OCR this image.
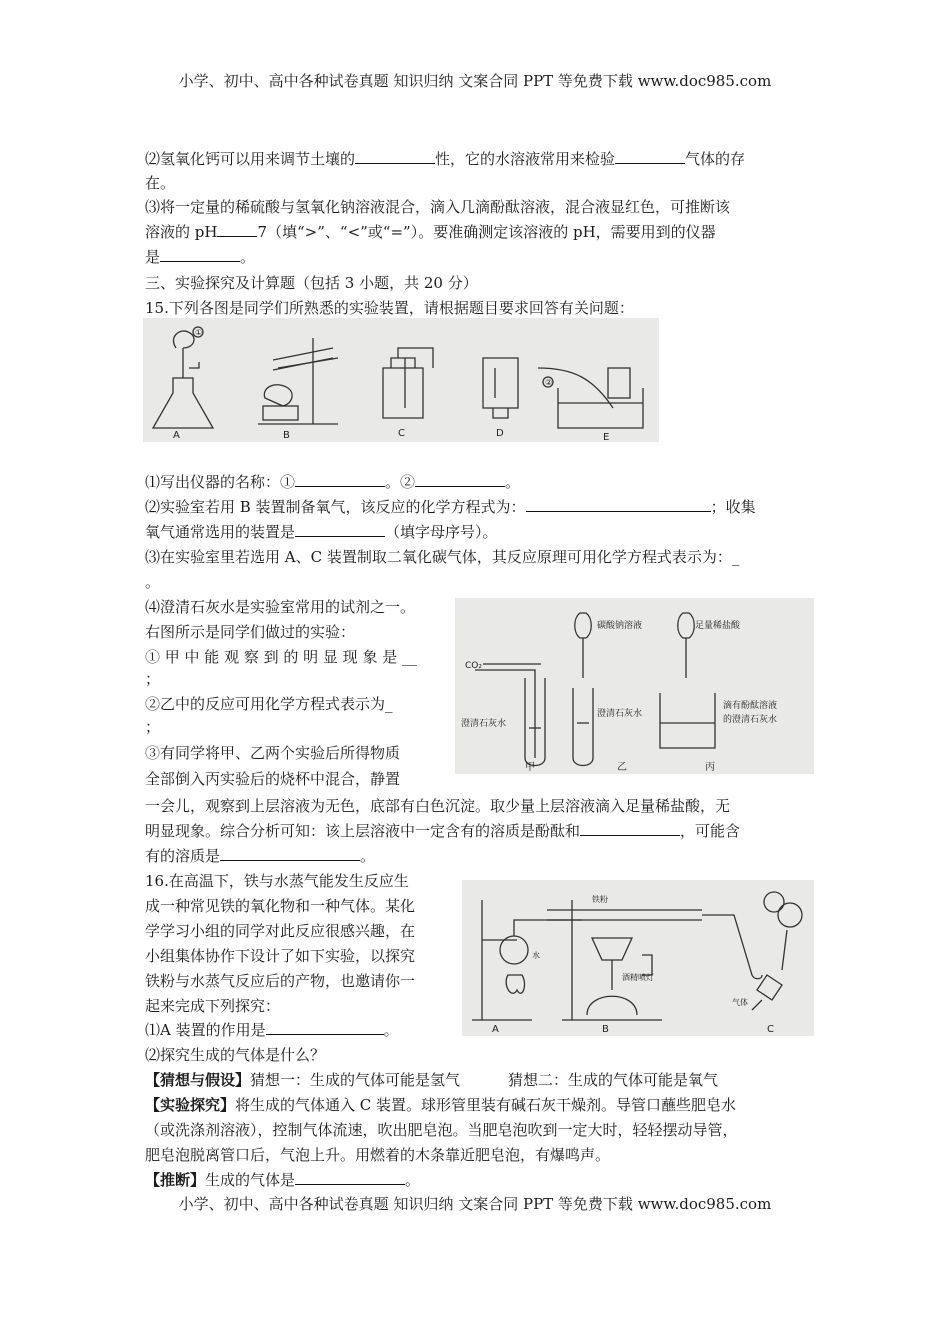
小学、初中、高中各种试卷真题 知识归纳 文案合同 PPT 等免费下载 www.doc985.com
⑵氢氧化钙可以用来调节土壤的	性，它的水溶液常用来检验	气体的存
在。
⑶将一定量的稀硫酸与氢氧化钠溶液混合，滴入几滴酚酞溶液，混合液显红色，可推断该
溶液的 pH	7（填“>”、“<”或“=”）。要准确测定该溶液的 pH，需要用到的仪器
是	。
三、实验探究及计算题（包括 3 小题，共 20 分）
15.下列各图是同学们所熟悉的实验装置，请根据题目要求回答有关问题：
①
②
A	B	C	D	E
⑴写出仪器的名称：①	。②	。
⑵实验室若用 B 装置制备氧气，该反应的化学方程式为：	；收集
氧气通常选用的装置是	（填字母序号）。
⑶在实验室里若选用 A、C 装置制取二氧化碳气体，其反应原理可用化学方程式表示为：_
。
⑷澄清石灰水是实验室常用的试剂之一。
右图所示是同学们做过的实验：
① 甲 中 能 观 察 到 的 明 显 现 象 是 __
；
②乙中的反应可用化学方程式表示为_
；
③有同学将甲、乙两个实验后所得物质
全部倒入丙实验后的烧杯中混合，静置
CO₂
澄清石灰水
甲
碳酸钠溶液
澄清石灰水
乙
足量稀盐酸
滴有酚酞溶液
的澄清石灰水
丙
一会儿，观察到上层溶液为无色，底部有白色沉淀。取少量上层溶液滴入足量稀盐酸，无
明显现象。综合分析可知：该上层溶液中一定含有的溶质是酚酞和	，可能含
有的溶质是	。
16.在高温下，铁与水蒸气能发生反应生
成一种常见铁的氧化物和一种气体。某化
学学习小组的同学对此反应很感兴趣，在
小组集体协作下设计了如下实验，以探究
铁粉与水蒸气反应后的产物，也邀请你一
起来完成下列探究：
⑴A 装置的作用是	。
铁粉
水
酒精喷灯
气体
A	B	C
⑵探究生成的气体是什么？
【猜想与假设】猜想一：生成的气体可能是氢气	猜想二：生成的气体可能是氧气
【实验探究】将生成的气体通入 C 装置。球形管里装有碱石灰干燥剂。导管口蘸些肥皂水
（或洗涤剂溶液），控制气体流速，吹出肥皂泡。当肥皂泡吹到一定大时，轻轻摆动导管，
肥皂泡脱离管口后，气泡上升。用燃着的木条靠近肥皂泡，有爆鸣声。
【推断】生成的气体是	。
小学、初中、高中各种试卷真题 知识归纳 文案合同 PPT 等免费下载 www.doc985.com
